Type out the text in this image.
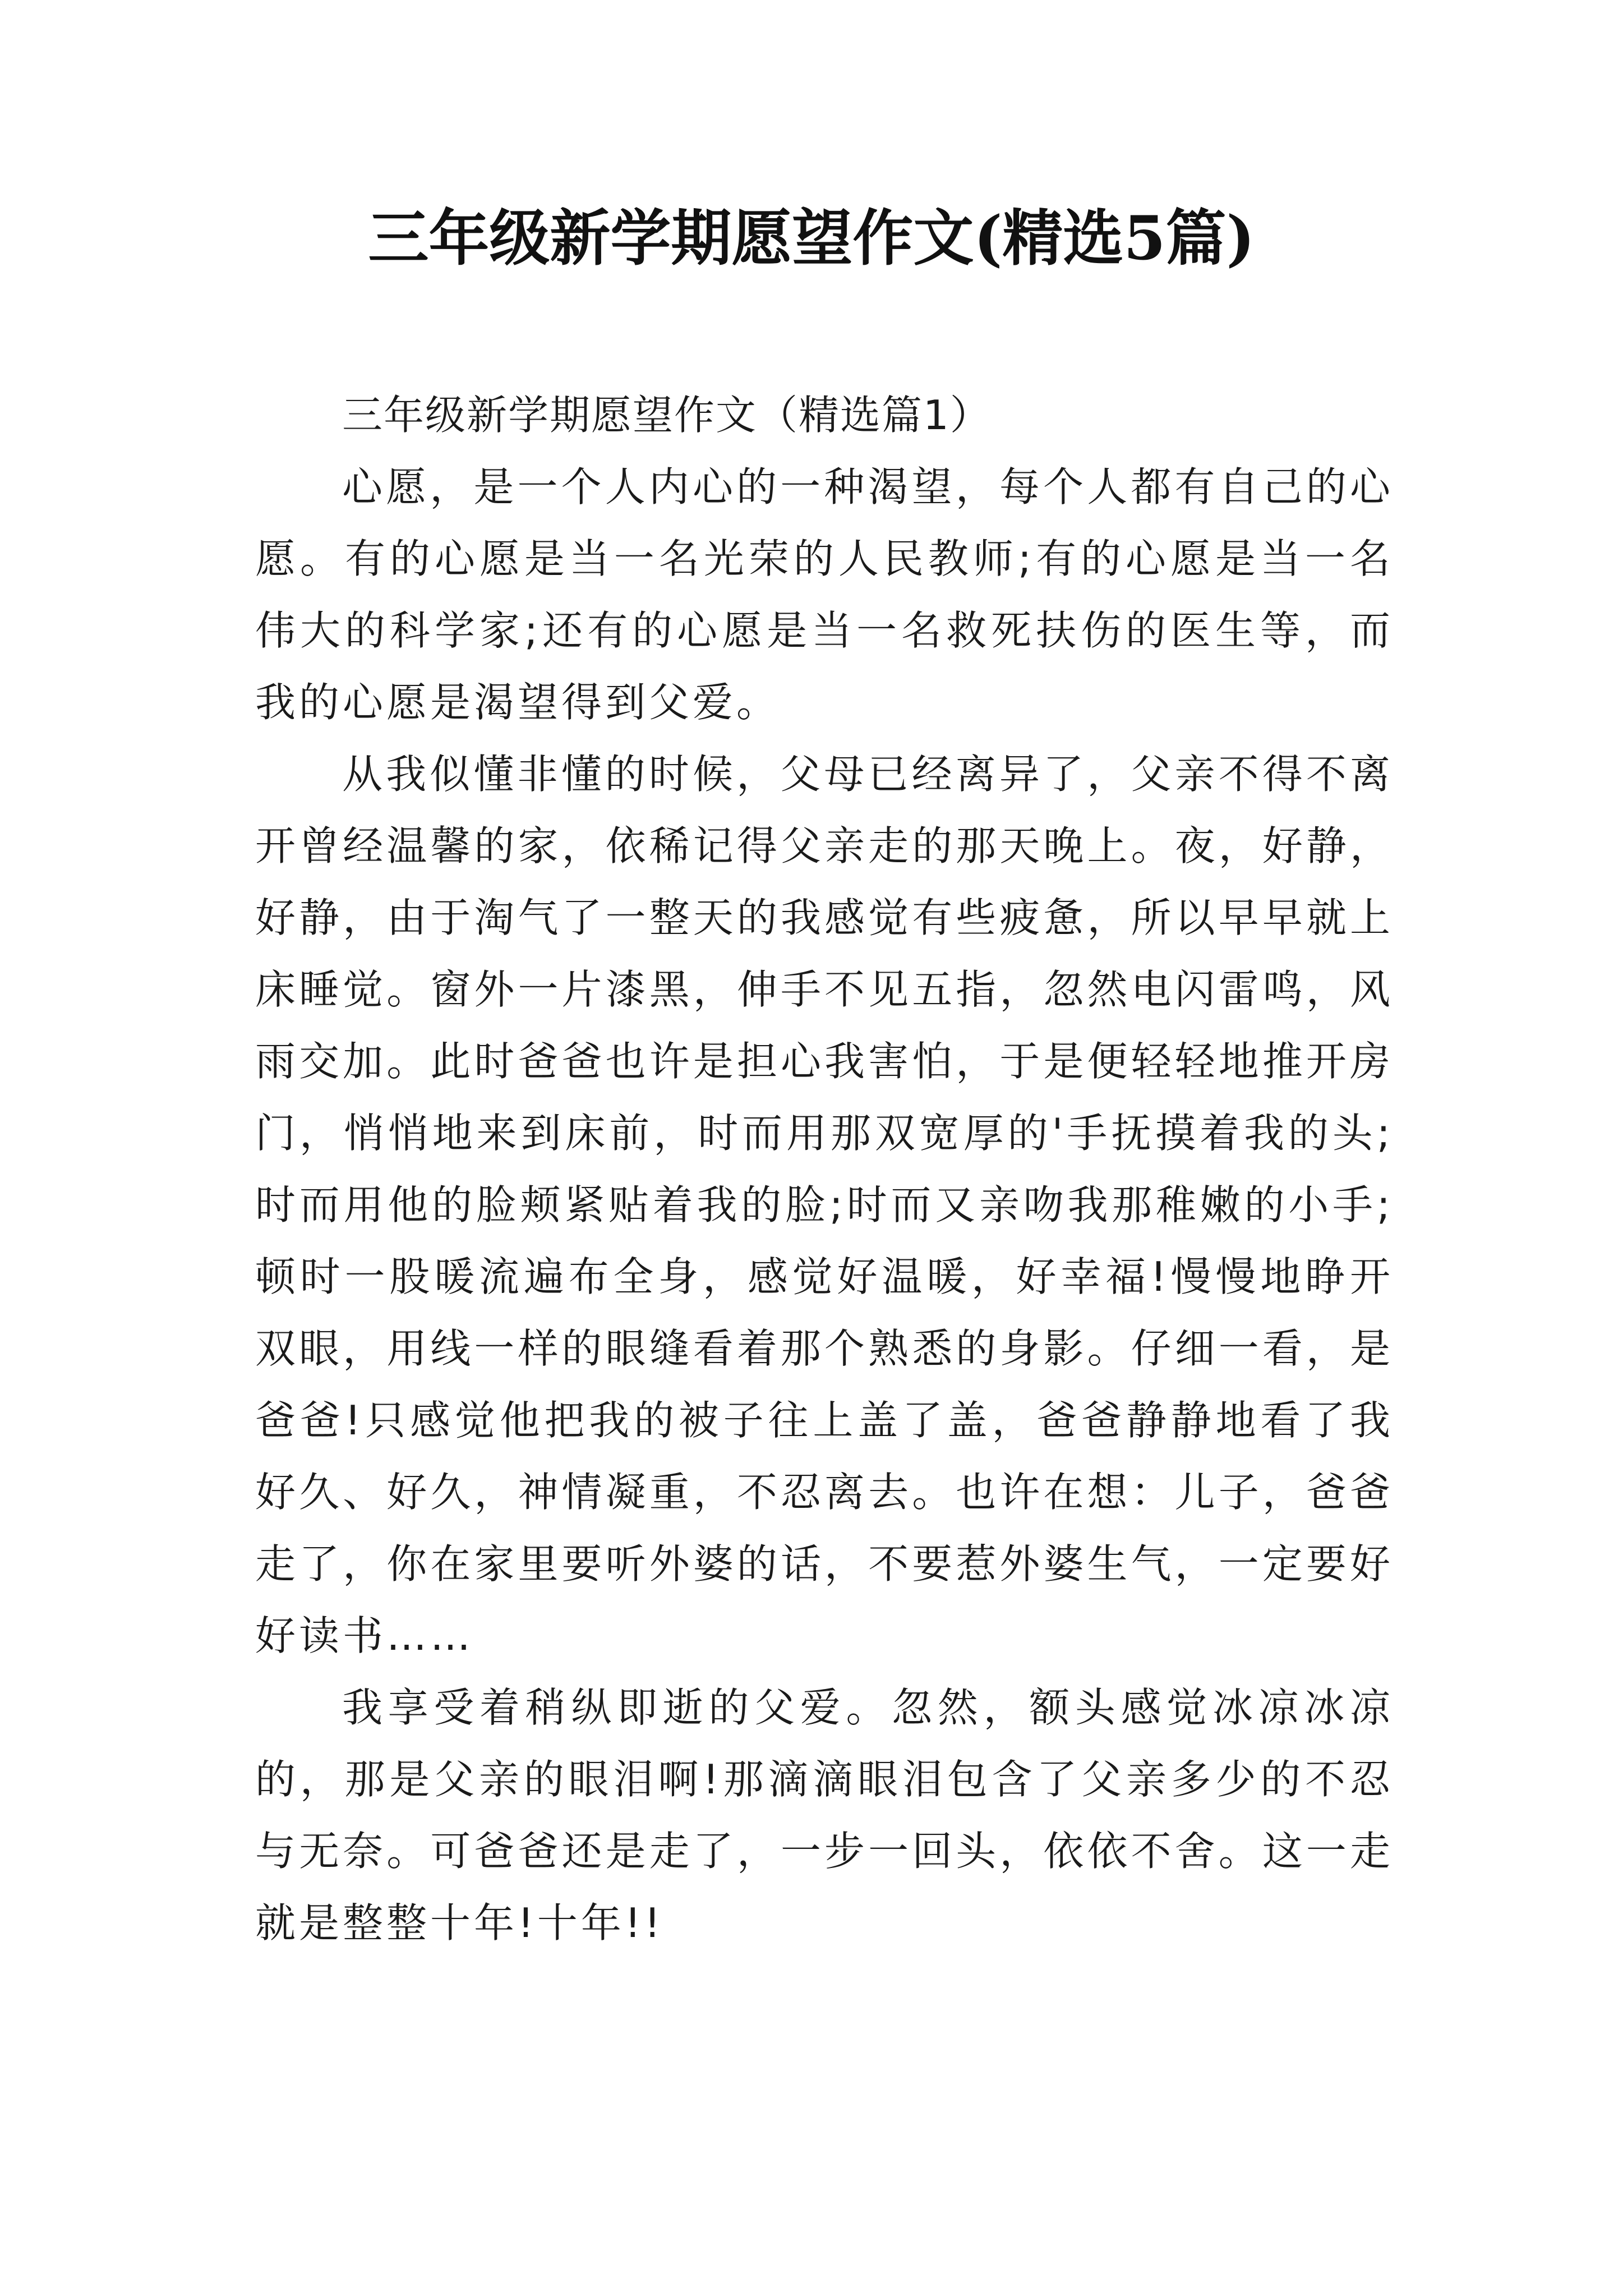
三年级新学期愿望作文(精选5篇)

三年级新学期愿望作文（精选篇1）

心愿，是一个人内心的一种渴望，每个人都有自己的心愿。有的心愿是当一名光荣的人民教师;有的心愿是当一名伟大的科学家;还有的心愿是当一名救死扶伤的医生等，而我的心愿是渴望得到父爱。

从我似懂非懂的时候，父母已经离异了，父亲不得不离开曾经温馨的家，依稀记得父亲走的那天晚上。夜，好静，好静，由于淘气了一整天的我感觉有些疲惫，所以早早就上床睡觉。窗外一片漆黑，伸手不见五指，忽然电闪雷鸣，风雨交加。此时爸爸也许是担心我害怕，于是便轻轻地推开房门，悄悄地来到床前，时而用那双宽厚的'手抚摸着我的头;时而用他的脸颊紧贴着我的脸;时而又亲吻我那稚嫩的小手;顿时一股暖流遍布全身，感觉好温暖，好幸福!慢慢地睁开双眼，用线一样的眼缝看着那个熟悉的身影。仔细一看，是爸爸!只感觉他把我的被子往上盖了盖，爸爸静静地看了我好久、好久，神情凝重，不忍离去。也许在想：儿子，爸爸走了，你在家里要听外婆的话，不要惹外婆生气，一定要好好读书……

我享受着稍纵即逝的父爱。忽然，额头感觉冰凉冰凉的，那是父亲的眼泪啊!那滴滴眼泪包含了父亲多少的不忍与无奈。可爸爸还是走了，一步一回头，依依不舍。这一走就是整整十年!十年!!
